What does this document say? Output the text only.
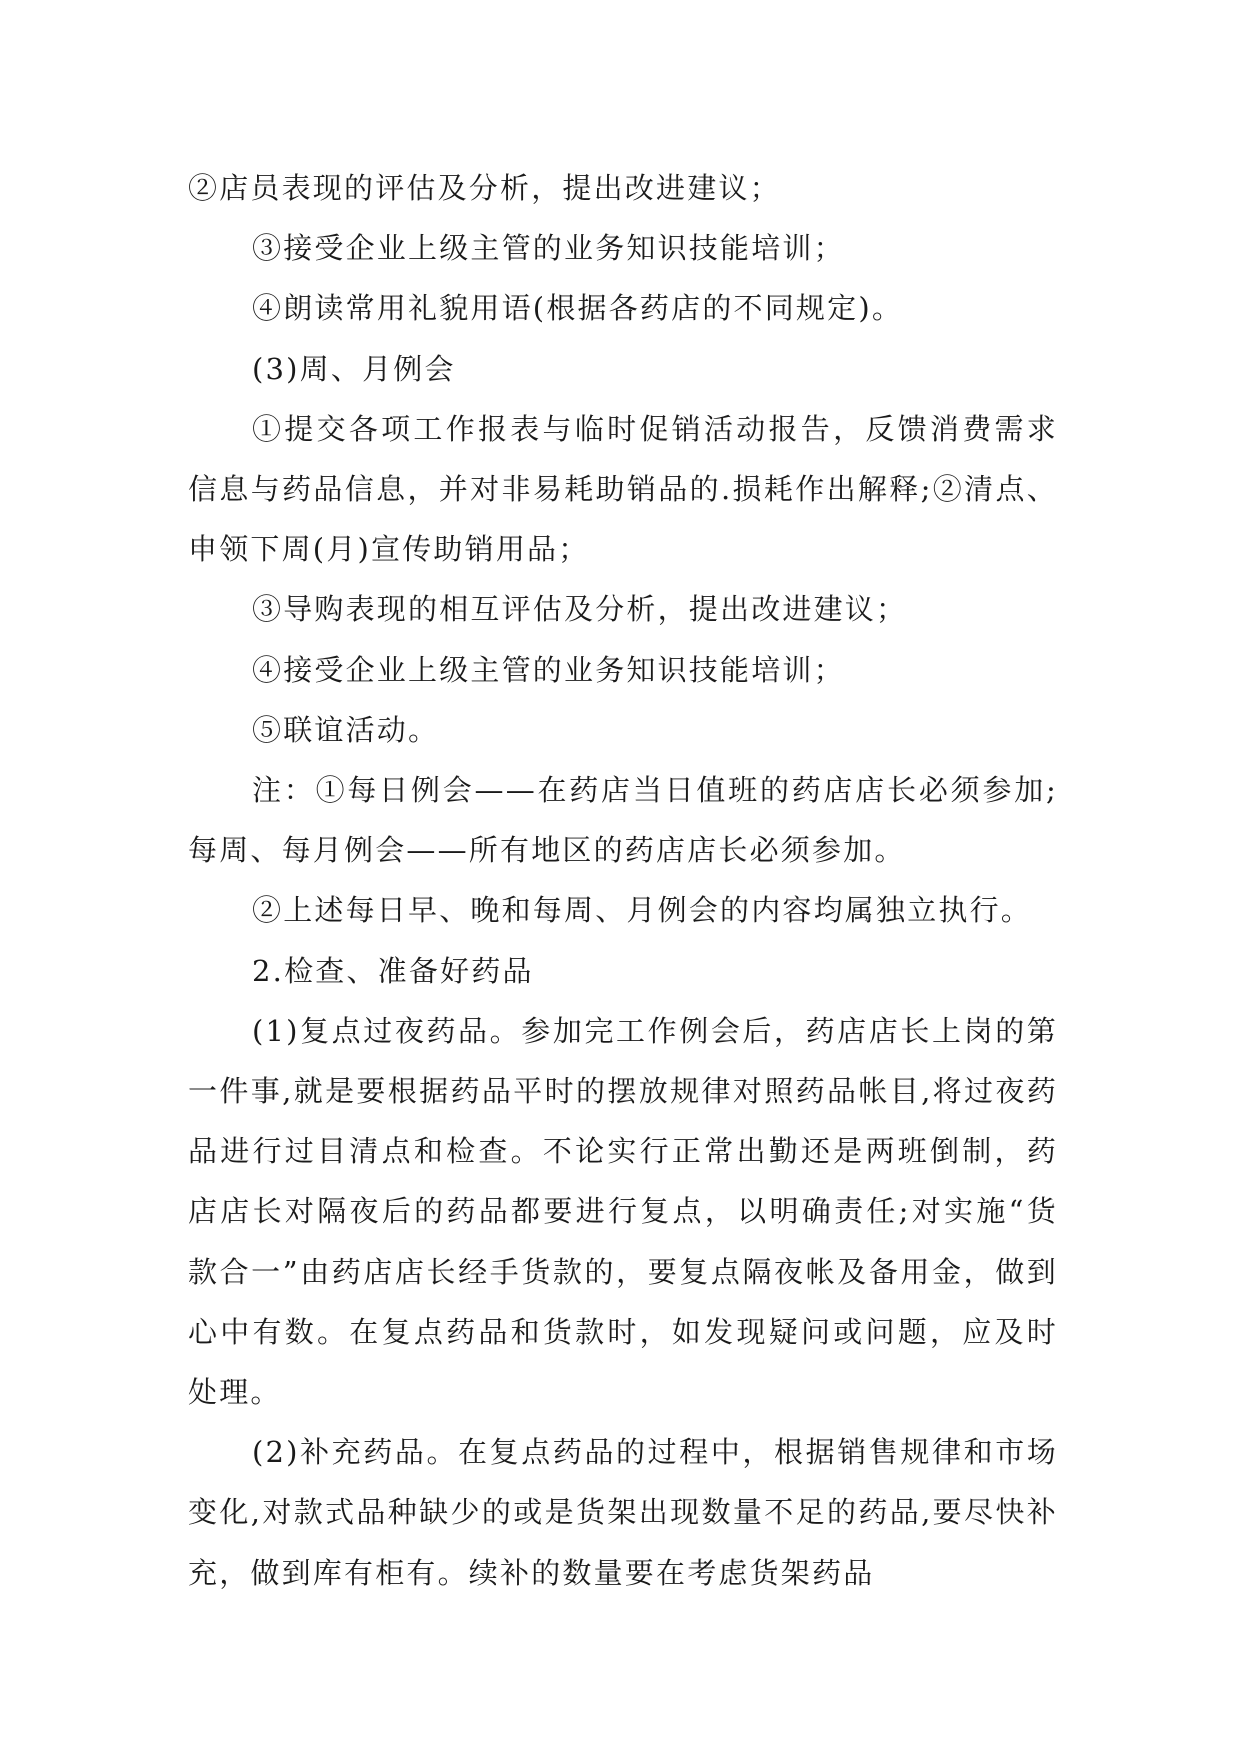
②店员表现的评估及分析，提出改进建议；

③接受企业上级主管的业务知识技能培训；

④朗读常用礼貌用语(根据各药店的不同规定)。

(3)周、月例会

①提交各项工作报表与临时促销活动报告，反馈消费需求信息与药品信息，并对非易耗助销品的.损耗作出解释;②清点、申领下周(月)宣传助销用品；

③导购表现的相互评估及分析，提出改进建议；

④接受企业上级主管的业务知识技能培训；

⑤联谊活动。

注：①每日例会——在药店当日值班的药店店长必须参加;每周、每月例会——所有地区的药店店长必须参加。

②上述每日早、晚和每周、月例会的内容均属独立执行。

2.检查、准备好药品

(1)复点过夜药品。参加完工作例会后，药店店长上岗的第一件事,就是要根据药品平时的摆放规律对照药品帐目,将过夜药品进行过目清点和检查。不论实行正常出勤还是两班倒制，药店店长对隔夜后的药品都要进行复点，以明确责任;对实施“货款合一”由药店店长经手货款的，要复点隔夜帐及备用金，做到心中有数。在复点药品和货款时，如发现疑问或问题，应及时处理。

(2)补充药品。在复点药品的过程中，根据销售规律和市场变化,对款式品种缺少的或是货架出现数量不足的药品,要尽快补充，做到库有柜有。续补的数量要在考虑货架药品
